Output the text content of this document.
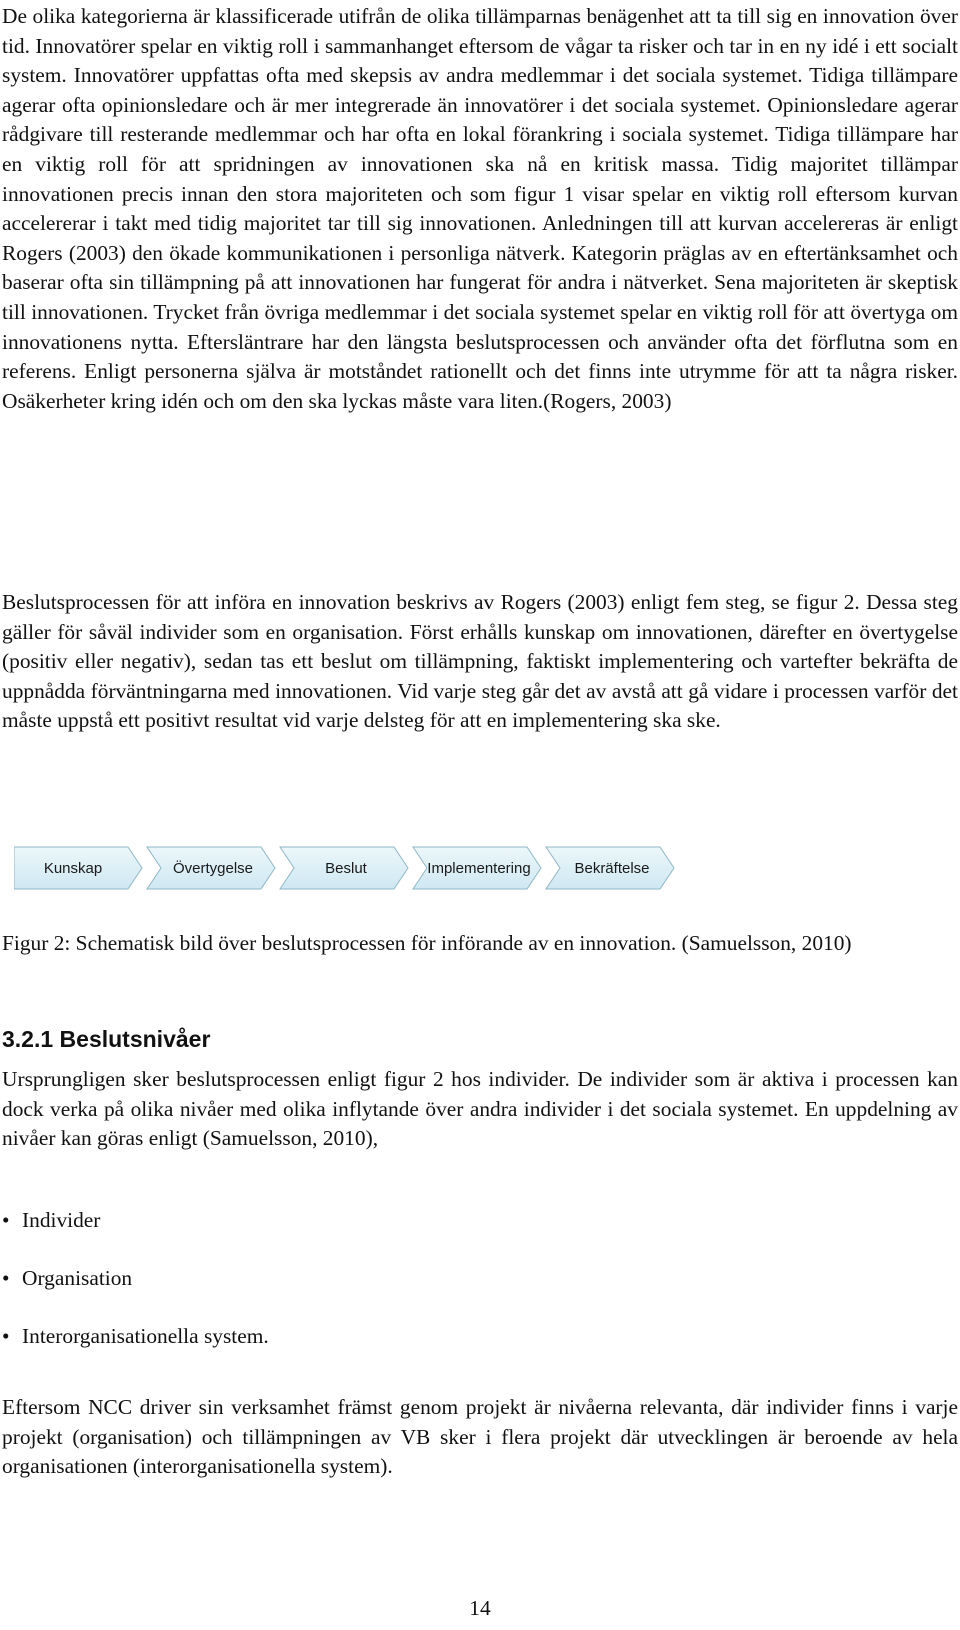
De olika kategorierna är klassificerade utifrån de olika tillämparnas benägenhet att ta till sig en innovation över tid. Innovatörer spelar en viktig roll i sammanhanget eftersom de vågar ta risker och tar in en ny idé i ett socialt system. Innovatörer uppfattas ofta med skepsis av andra medlemmar i det sociala systemet. Tidiga tillämpare agerar ofta opinionsledare och är mer integrerade än innovatörer i det sociala systemet. Opinionsledare agerar rådgivare till resterande medlemmar och har ofta en lokal förankring i sociala systemet. Tidiga tillämpare har en viktig roll för att spridningen av innovationen ska nå en kritisk massa. Tidig majoritet tillämpar innovationen precis innan den stora majoriteten och som figur 1 visar spelar en viktig roll eftersom kurvan accelererar i takt med tidig majoritet tar till sig innovationen. Anledningen till att kurvan accelereras är enligt Rogers (2003) den ökade kommunikationen i personliga nätverk. Kategorin präglas av en eftertänksamhet och baserar ofta sin tillämpning på att innovationen har fungerat för andra i nätverket. Sena majoriteten är skeptisk till innovationen. Trycket från övriga medlemmar i det sociala systemet spelar en viktig roll för att övertyga om innovationens nytta. Eftersläntrare har den längsta beslutsprocessen och använder ofta det förflutna som en referens. Enligt personerna själva är motståndet rationellt och det finns inte utrymme för att ta några risker. Osäkerheter kring idén och om den ska lyckas måste vara liten.(Rogers, 2003)

Beslutsprocessen för att införa en innovation beskrivs av Rogers (2003) enligt fem steg, se figur 2. Dessa steg gäller för såväl individer som en organisation. Först erhålls kunskap om innovationen, därefter en övertygelse (positiv eller negativ), sedan tas ett beslut om tillämpning, faktiskt implementering och vartefter bekräfta de uppnådda förväntningarna med innovationen. Vid varje steg går det av avstå att gå vidare i processen varför det måste uppstå ett positivt resultat vid varje delsteg för att en implementering ska ske.

Kunskap	Övertygelse	Beslut	Implementering	Bekräftelse

Figur 2: Schematisk bild över beslutsprocessen för införande av en innovation. (Samuelsson, 2010)

3.2.1 Beslutsnivåer

Ursprungligen sker beslutsprocessen enligt figur 2 hos individer. De individer som är aktiva i processen kan dock verka på olika nivåer med olika inflytande över andra individer i det sociala systemet. En uppdelning av nivåer kan göras enligt (Samuelsson, 2010),

• Individer
• Organisation
• Interorganisationella system.

Eftersom NCC driver sin verksamhet främst genom projekt är nivåerna relevanta, där individer finns i varje projekt (organisation) och tillämpningen av VB sker i flera projekt där utvecklingen är beroende av hela organisationen (interorganisationella system).

14
